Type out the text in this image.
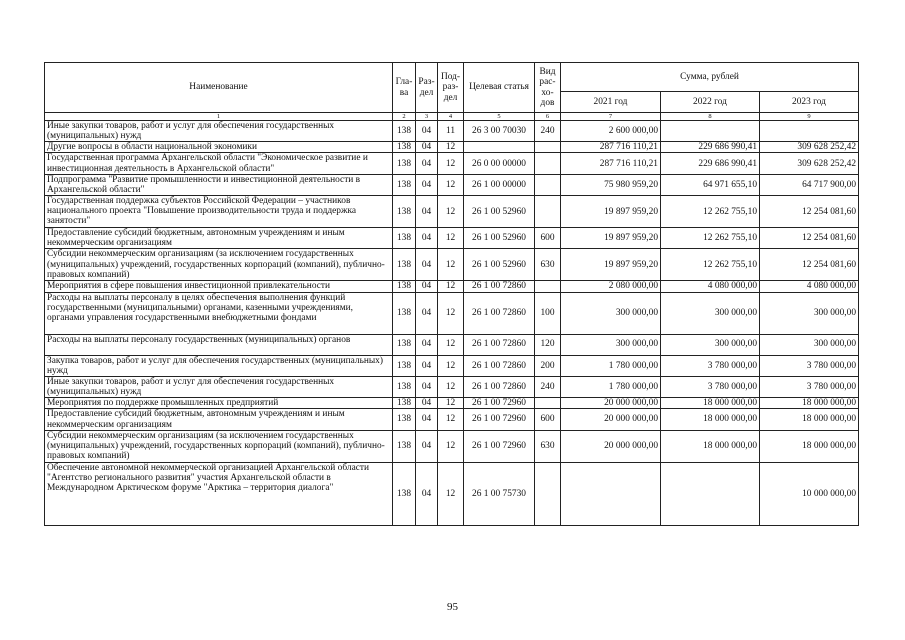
Наименование	Гла-ва	Раз-дел	Под-раз-дел	Целевая статья	Вид рас-хо-дов	Сумма, рублей		
						2021 год	2022 год	2023 год
1	2	3	4	5	6	7	8	9
Иные закупки товаров, работ и услуг для обеспечения государственных (муниципальных) нужд	138	04	11	26 3 00 70030	240	2 600 000,00		
Другие вопросы в области национальной экономики	138	04	12			287 716 110,21	229 686 990,41	309 628 252,42
Государственная программа Архангельской области "Экономическое развитие и инвестиционная деятельность в Архангельской области"	138	04	12	26 0 00 00000		287 716 110,21	229 686 990,41	309 628 252,42
Подпрограмма "Развитие промышленности и инвестиционной деятельности в Архангельской области"	138	04	12	26 1 00 00000		75 980 959,20	64 971 655,10	64 717 900,00
Государственная поддержка субъектов Российской Федерации – участников национального проекта "Повышение производительности труда и поддержка занятости"	138	04	12	26 1 00 52960		19 897 959,20	12 262 755,10	12 254 081,60
Предоставление субсидий бюджетным, автономным учреждениям и иным некоммерческим организациям	138	04	12	26 1 00 52960	600	19 897 959,20	12 262 755,10	12 254 081,60
Субсидии некоммерческим организациям (за исключением государственных (муниципальных) учреждений, государственных корпораций (компаний), публично-правовых компаний)	138	04	12	26 1 00 52960	630	19 897 959,20	12 262 755,10	12 254 081,60
Мероприятия в сфере повышения инвестиционной привлекательности	138	04	12	26 1 00 72860		2 080 000,00	4 080 000,00	4 080 000,00
Расходы на выплаты персоналу в целях обеспечения выполнения функций государственными (муниципальными) органами, казенными учреждениями, органами управления государственными внебюджетными фондами	138	04	12	26 1 00 72860	100	300 000,00	300 000,00	300 000,00
Расходы на выплаты персоналу государственных (муниципальных) органов	138	04	12	26 1 00 72860	120	300 000,00	300 000,00	300 000,00
Закупка товаров, работ и услуг для обеспечения государственных (муниципальных) нужд	138	04	12	26 1 00 72860	200	1 780 000,00	3 780 000,00	3 780 000,00
Иные закупки товаров, работ и услуг для обеспечения государственных (муниципальных) нужд	138	04	12	26 1 00 72860	240	1 780 000,00	3 780 000,00	3 780 000,00
Мероприятия по поддержке промышленных предприятий	138	04	12	26 1 00 72960		20 000 000,00	18 000 000,00	18 000 000,00
Предоставление субсидий бюджетным, автономным учреждениям и иным некоммерческим организациям	138	04	12	26 1 00 72960	600	20 000 000,00	18 000 000,00	18 000 000,00
Субсидии некоммерческим организациям (за исключением государственных (муниципальных) учреждений, государственных корпораций (компаний), публично-правовых компаний)	138	04	12	26 1 00 72960	630	20 000 000,00	18 000 000,00	18 000 000,00
Обеспечение автономной некоммерческой организацией Архангельской области "Агентство регионального развития" участия Архангельской области в Международном Арктическом форуме "Арктика – территория диалога"	138	04	12	26 1 00 75730				10 000 000,00
95
